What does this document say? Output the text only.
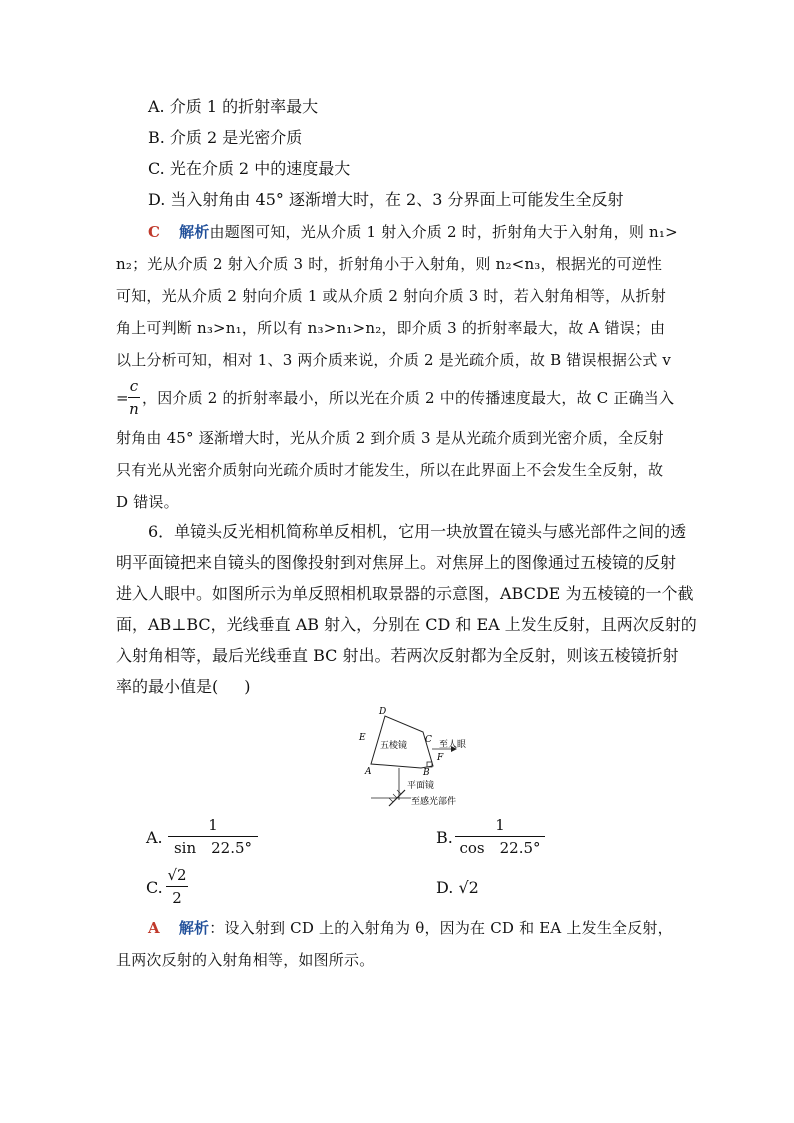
A. 介质 1 的折射率最大
B. 介质 2 是光密介质
C. 光在介质 2 中的速度最大
D. 当入射角由 45° 逐渐增大时，在 2、3 分界面上可能发生全反射
C 解析由题图可知，光从介质 1 射入介质 2 时，折射角大于入射角，则 n₁>
n₂；光从介质 2 射入介质 3 时，折射角小于入射角，则 n₂<n₃，根据光的可逆性
可知，光从介质 2 射向介质 1 或从介质 2 射向介质 3 时，若入射角相等，从折射
角上可判断 n₃>n₁，所以有 n₃>n₁>n₂，即介质 3 的折射率最大，故 A 错误；由
以上分析可知，相对 1、3 两介质来说，介质 2 是光疏介质，故 B 错误根据公式 v
=
c
n
，因介质 2 的折射率最小，所以光在介质 2 中的传播速度最大，故 C 正确当入
射角由 45° 逐渐增大时，光从介质 2 到介质 3 是从光疏介质到光密介质，全反射
只有光从光密介质射向光疏介质时才能发生，所以在此界面上不会发生全反射，故
D 错误。
6．单镜头反光相机简称单反相机，它用一块放置在镜头与感光部件之间的透
明平面镜把来自镜头的图像投射到对焦屏上。对焦屏上的图像通过五棱镜的反射
进入人眼中。如图所示为单反照相机取景器的示意图，ABCDE 为五棱镜的一个截
面，AB⊥BC，光线垂直 AB 射入，分别在 CD 和 EA 上发生反射，且两次反射的
入射角相等，最后光线垂直 BC 射出。若两次反射都为全反射，则该五棱镜折射
率的最小值是( )
D
E
A	B
C
F
五棱镜	至人眼
平面镜
至感光部件
A.
1
sin　22.5°
B.
1
cos　22.5°
C.
√2
2
D. √2
A 解析：设入射到 CD 上的入射角为 θ，因为在 CD 和 EA 上发生全反射，
且两次反射的入射角相等，如图所示。
